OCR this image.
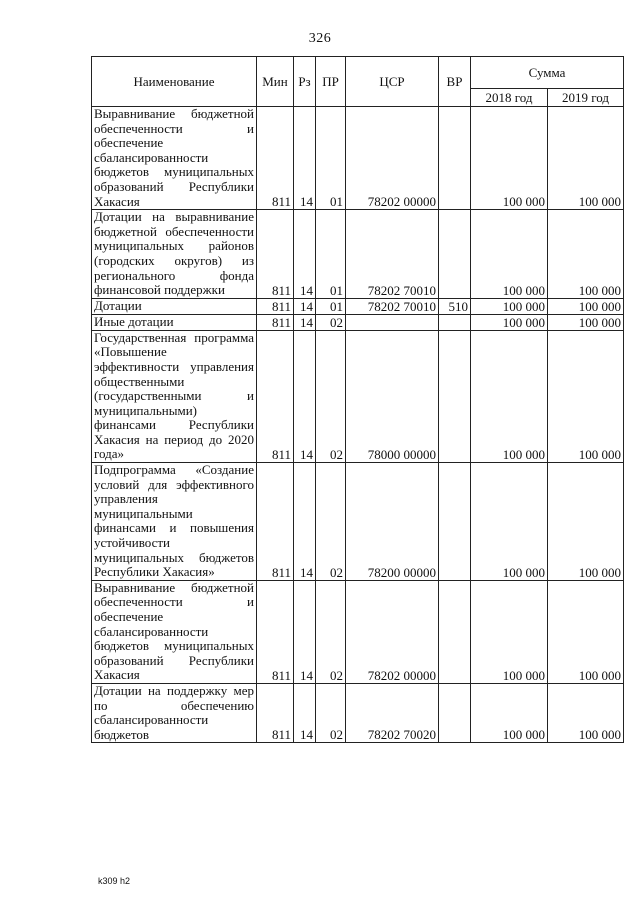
326
Наименование	Мин	Рз	ПР	ЦСР	ВР	Сумма	
						2018 год	2019 год
Выравнивание бюджетной обеспеченности и обеспечение сбалансированности бюджетов муниципальных образований Республики Хакасия	811	14	01	78202 00000		100 000	100 000
Дотации на выравнивание бюджетной обеспеченности муниципальных районов (городских округов) из регионального фонда финансовой поддержки	811	14	01	78202 70010		100 000	100 000
Дотации	811	14	01	78202 70010	510	100 000	100 000
Иные дотации	811	14	02			100 000	100 000
Государственная программа «Повышение эффективности управления общественными (государственными и муниципальными) финансами Республики Хакасия на период до 2020 года»	811	14	02	78000 00000		100 000	100 000
Подпрограмма «Создание условий для эффективного управления муниципальными финансами и повышения устойчивости муниципальных бюджетов Республики Хакасия»	811	14	02	78200 00000		100 000	100 000
Выравнивание бюджетной обеспеченности и обеспечение сбалансированности бюджетов муниципальных образований Республики Хакасия	811	14	02	78202 00000		100 000	100 000
Дотации на поддержку мер по обеспечению сбалансированности бюджетов	811	14	02	78202 70020		100 000	100 000
k309 h2
